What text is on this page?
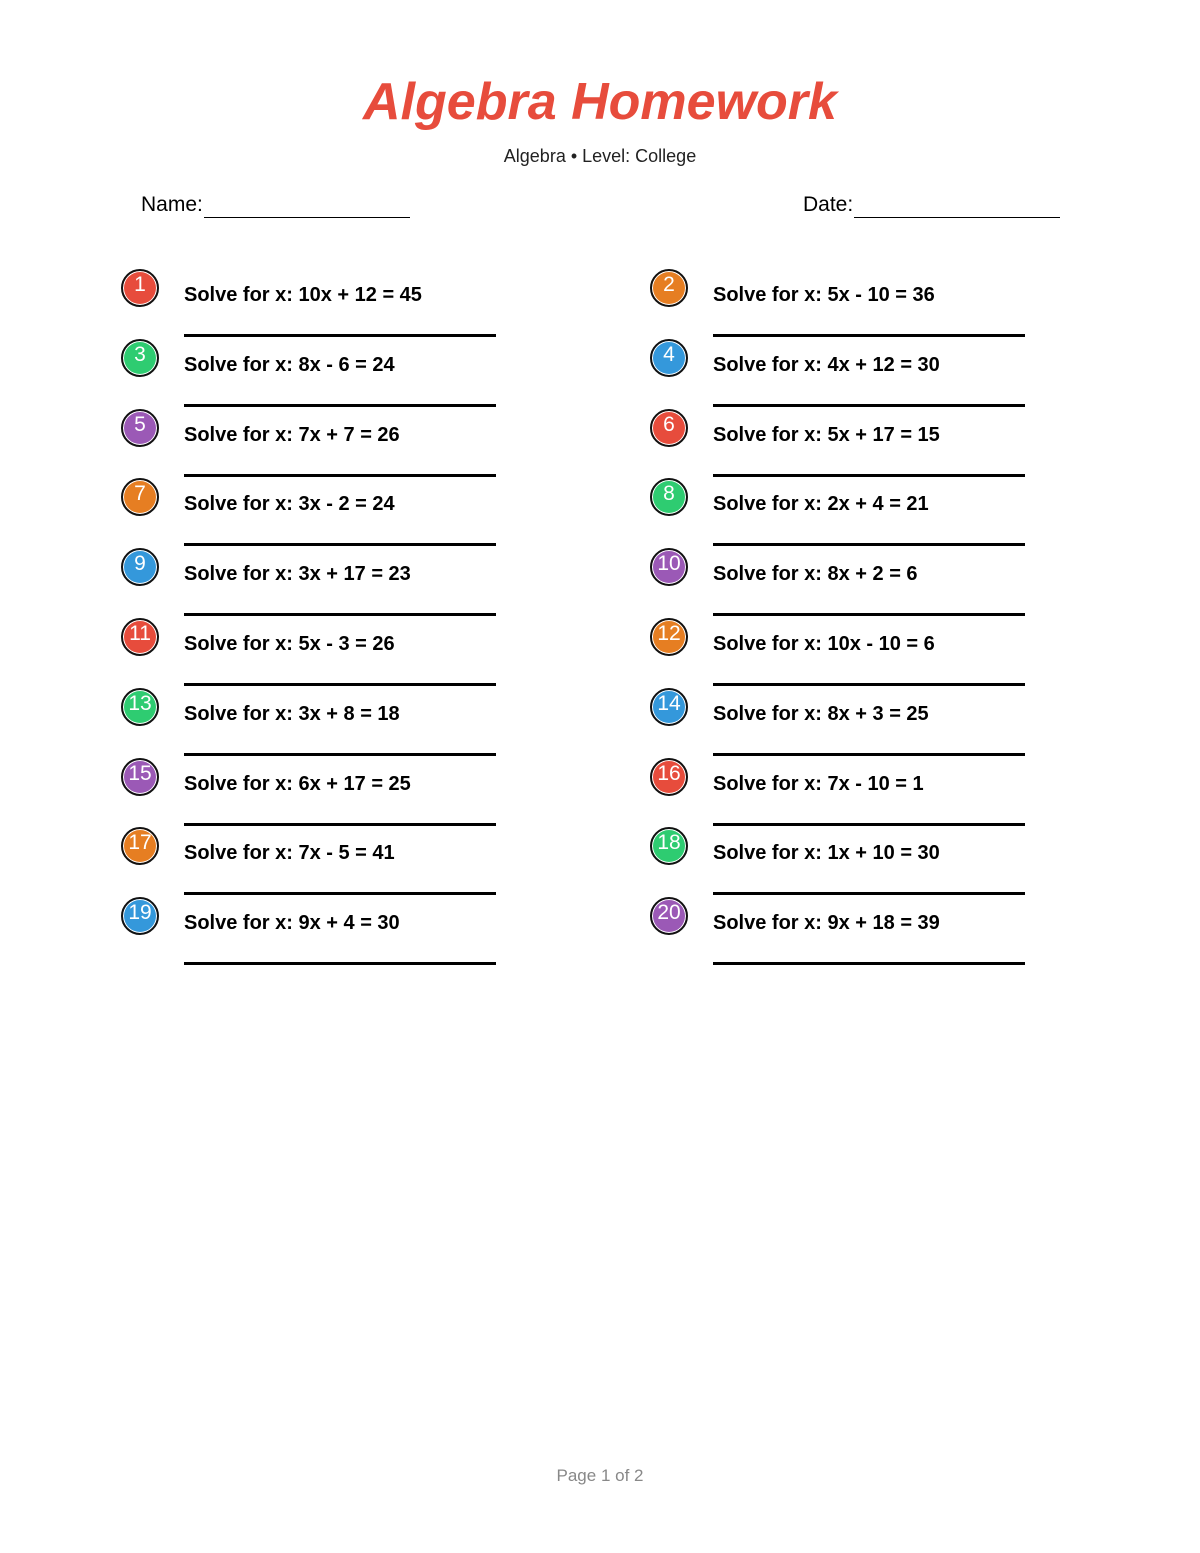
Algebra Homework
Algebra • Level: College
Name:	Date:
1	Solve for x: 10x + 12 = 45	2	Solve for x: 5x - 10 = 36
3	Solve for x: 8x - 6 = 24	4	Solve for x: 4x + 12 = 30
5	Solve for x: 7x + 7 = 26	6	Solve for x: 5x + 17 = 15
7	Solve for x: 3x - 2 = 24	8	Solve for x: 2x + 4 = 21
9	Solve for x: 3x + 17 = 23	10	Solve for x: 8x + 2 = 6
11	Solve for x: 5x - 3 = 26	12	Solve for x: 10x - 10 = 6
13	Solve for x: 3x + 8 = 18	14	Solve for x: 8x + 3 = 25
15	Solve for x: 6x + 17 = 25	16	Solve for x: 7x - 10 = 1
17	Solve for x: 7x - 5 = 41	18	Solve for x: 1x + 10 = 30
19	Solve for x: 9x + 4 = 30	20	Solve for x: 9x + 18 = 39
Page 1 of 2
